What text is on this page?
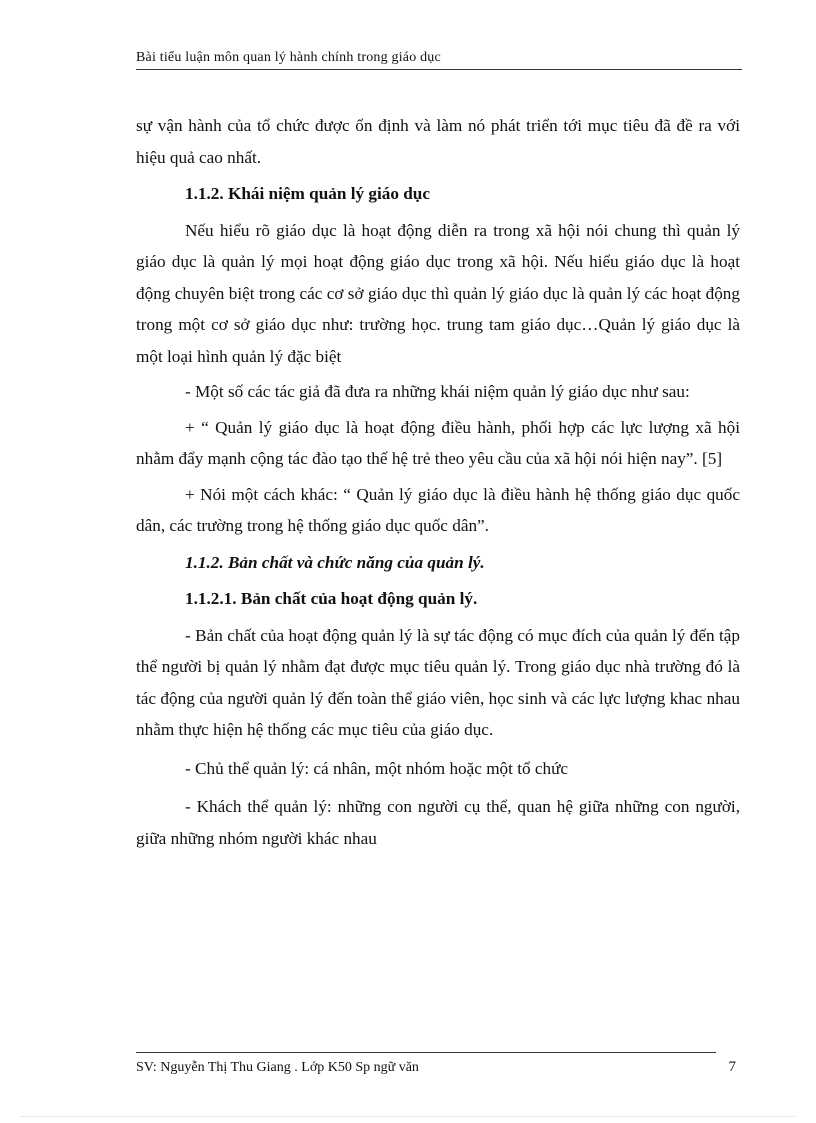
Bài tiểu luận môn quan lý hành chính trong giáo dục

sự vận hành của tổ chức được ổn định và làm nó phát triển tới mục tiêu đã đề ra với hiệu quả cao nhất.

1.1.2. Khái niệm quản lý giáo dục

Nếu hiểu rõ giáo dục là hoạt động diễn ra trong xã hội nói chung thì quản lý giáo dục là quản lý mọi hoạt động giáo dục trong xã hội. Nếu hiểu giáo dục là hoạt động chuyên biệt trong các cơ sở giáo dục thì quản lý giáo dục là quản lý các hoạt động trong một cơ sở giáo dục như: trường học. trung tam giáo dục…Quản lý giáo dục là một loại hình quản lý đặc biệt

- Một số các tác giả đã đưa ra những khái niệm quản lý giáo dục như sau:

+ “ Quản lý giáo dục là hoạt động điều hành, phối hợp các lực lượng xã hội nhằm đẩy mạnh cộng tác đào tạo thế hệ trẻ theo yêu cầu của xã hội nói hiện nay”. [5]

+ Nói một cách khác: “ Quản lý giáo dục là điều hành hệ thống giáo dục quốc dân, các trường trong hệ thống giáo dục quốc dân”.

1.1.2. Bản chất và chức năng của quản lý.

1.1.2.1. Bản chất của hoạt động quản lý.

- Bản chất của hoạt động quản lý là sự tác động có mục đích của quản lý đến tập thể người bị quản lý nhằm đạt được mục tiêu quản lý. Trong giáo dục nhà trường đó là tác động của người quản lý đến toàn thể giáo viên, học sinh và các lực lượng khac nhau nhằm thực hiện hệ thống các mục tiêu của giáo dục.

- Chủ thể quản lý: cá nhân, một nhóm hoặc một tổ chức

- Khách thể quản lý: những con người cụ thể, quan hệ giữa những con người, giữa những nhóm người khác nhau

SV: Nguyễn Thị Thu Giang . Lớp K50 Sp ngữ văn	7
